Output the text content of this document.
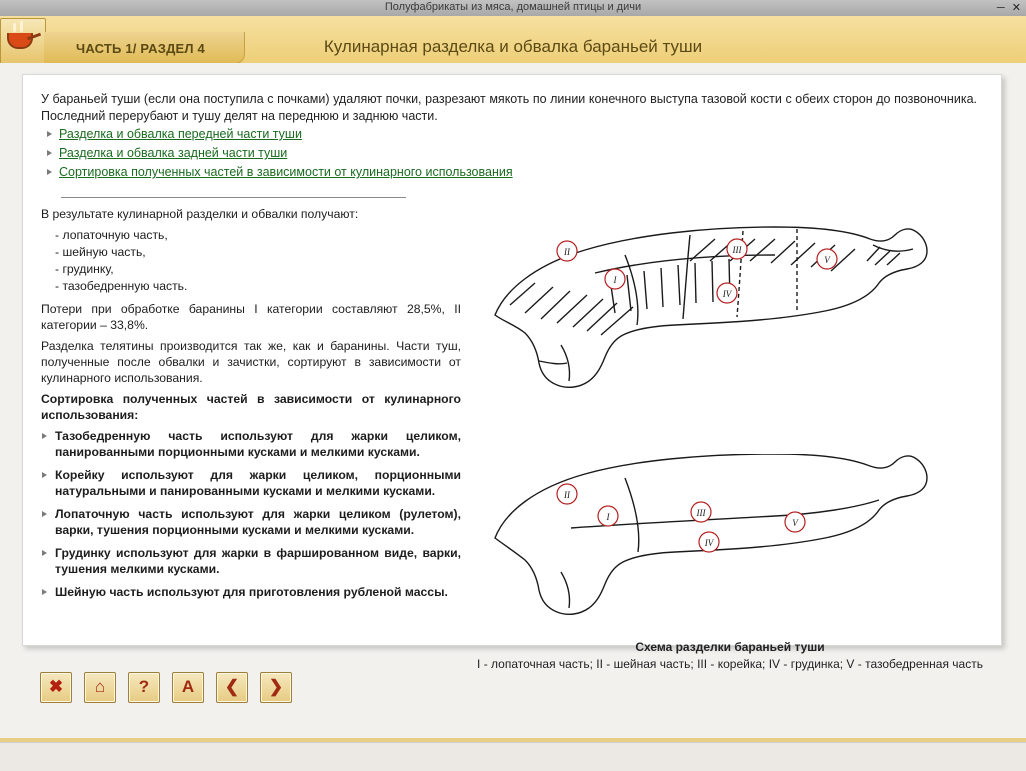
Полуфабрикаты из мяса, домашней птицы и дичи	─ ✕
ЧАСТЬ 1/ РАЗДЕЛ 4	Кулинарная разделка и обвалка бараньей туши
У бараньей туши (если она поступила с почками) удаляют почки, разрезают мякоть по линии конечного выступа тазовой кости с обеих сторон до позвоночника. Последний перерубают и тушу делят на переднюю и заднюю части.
Разделка и обвалка передней части туши
Разделка и обвалка задней части туши
Сортировка полученных частей в зависимости от кулинарного использования

В результате кулинарной разделки и обвалки получают:

- лопаточную часть,
- шейную часть,
- грудинку,
- тазобедренную часть.

Потери при обработке баранины I категории составляют 28,5%, II категории – 33,8%.

Разделка телятины производится так же, как и баранины. Части туш, полученные после обвалки и зачистки, сортируют в зависимости от кулинарного использования.

Сортировка полученных частей в зависимости от кулинарного использования:

Тазобедренную часть используют для жарки целиком, панированными порционными кусками и мелкими кусками.
Корейку используют для жарки целиком, порционными натуральными и панированными кусками и мелкими кусками.
Лопаточную часть используют для жарки целиком (рулетом), варки, тушения порционными кусками и мелкими кусками.
Грудинку используют для жарки в фаршированном виде, варки, тушения мелкими кусками.
Шейную часть используют для приготовления рубленой массы.
II
I
III
IV
V

II
I	III
IV
V
Схема разделки бараньей туши
I - лопаточная часть; II - шейная часть; III - корейка; IV - грудинка; V - тазобедренная часть
✖	⌂	?	A	❮	❯
